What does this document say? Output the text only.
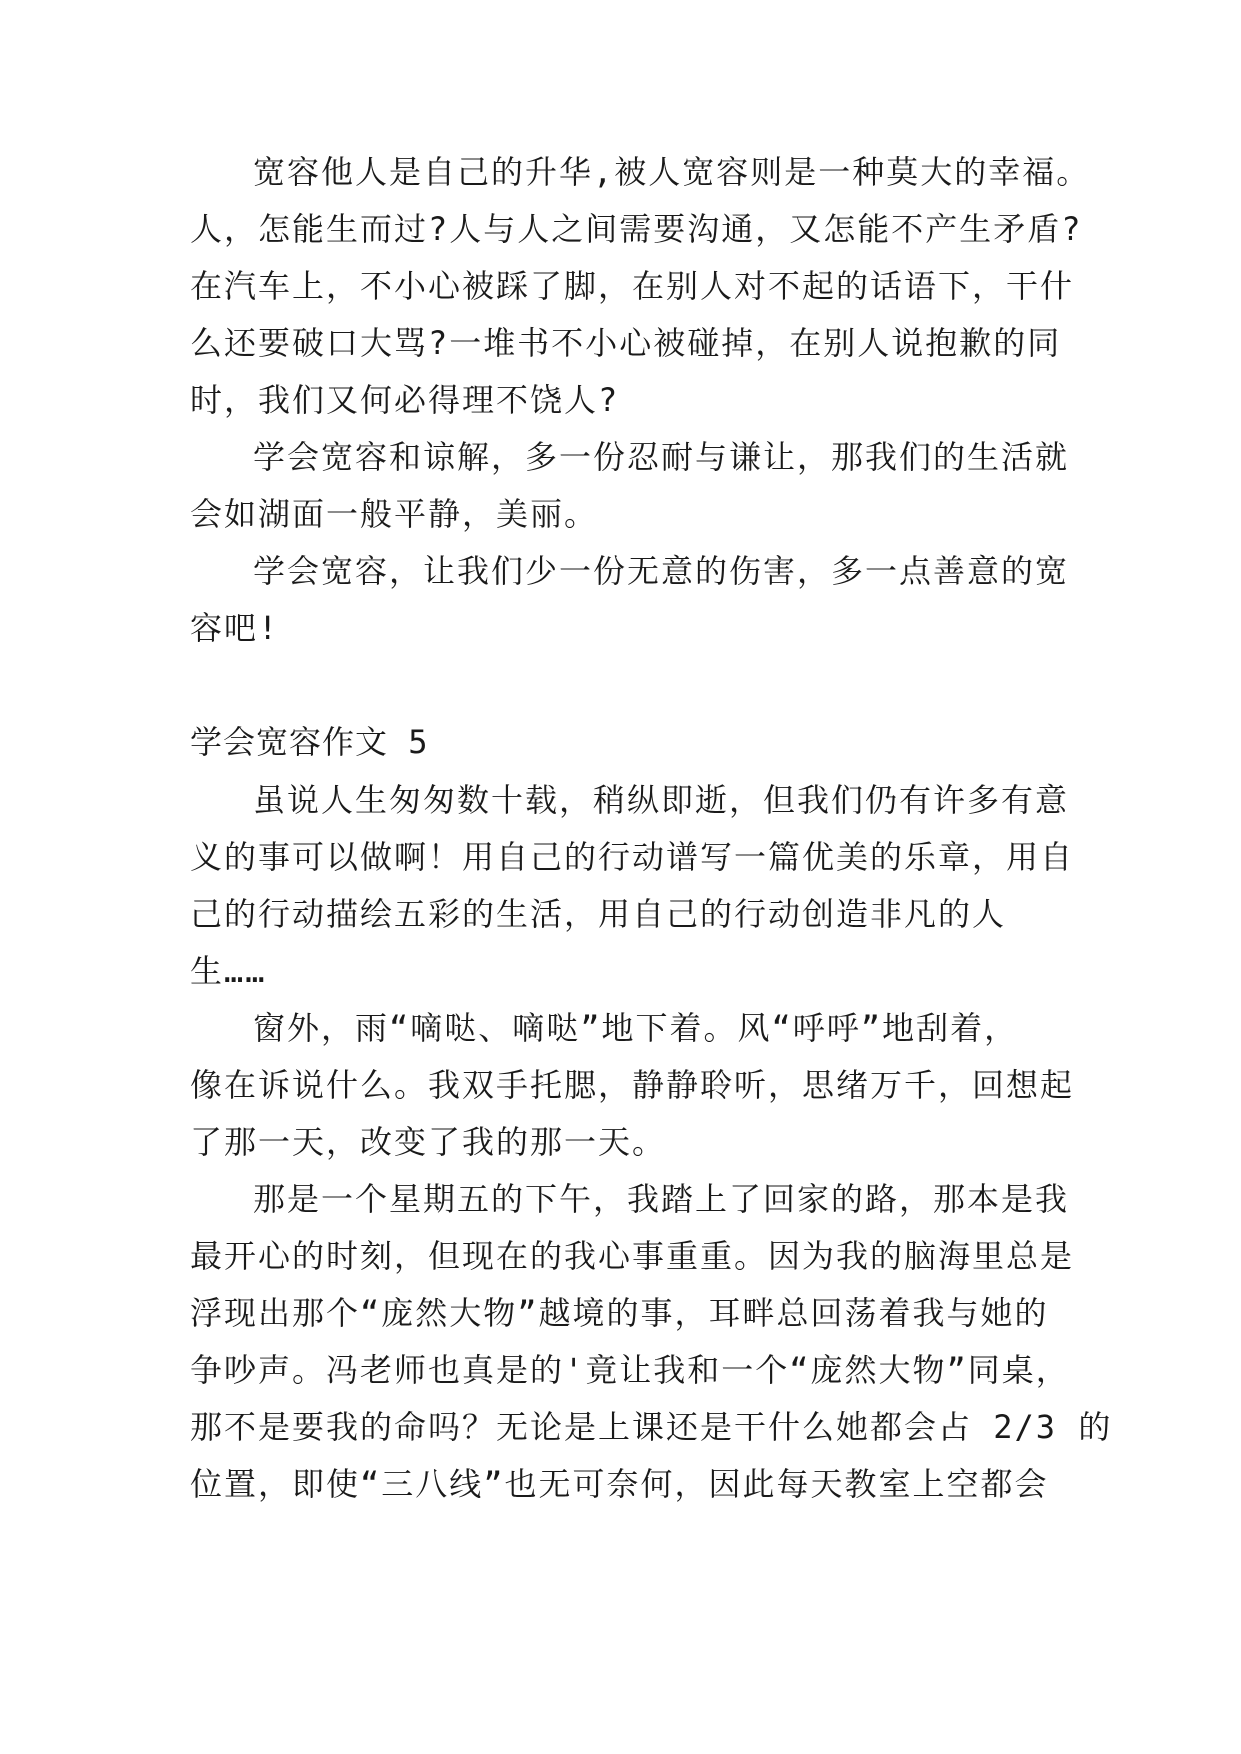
宽容他人是自己的升华,被人宽容则是一种莫大的幸福。
人，怎能生而过?人与人之间需要沟通，又怎能不产生矛盾?
在汽车上，不小心被踩了脚，在别人对不起的话语下，干什
么还要破口大骂?一堆书不小心被碰掉，在别人说抱歉的同
时，我们又何必得理不饶人?
学会宽容和谅解，多一份忍耐与谦让，那我们的生活就
会如湖面一般平静，美丽。
学会宽容，让我们少一份无意的伤害，多一点善意的宽
容吧!
学会宽容作文 5
虽说人生匆匆数十载，稍纵即逝，但我们仍有许多有意
义的事可以做啊！用自己的行动谱写一篇优美的乐章，用自
己的行动描绘五彩的生活，用自己的行动创造非凡的人
生……
窗外，雨“嘀哒、嘀哒”地下着。风“呼呼”地刮着，
像在诉说什么。我双手托腮，静静聆听，思绪万千，回想起
了那一天，改变了我的那一天。
那是一个星期五的下午，我踏上了回家的路，那本是我
最开心的时刻，但现在的我心事重重。因为我的脑海里总是
浮现出那个“庞然大物”越境的事，耳畔总回荡着我与她的
争吵声。冯老师也真是的'竟让我和一个“庞然大物”同桌，
那不是要我的命吗？无论是上课还是干什么她都会占 2/3 的
位置，即使“三八线”也无可奈何，因此每天教室上空都会
